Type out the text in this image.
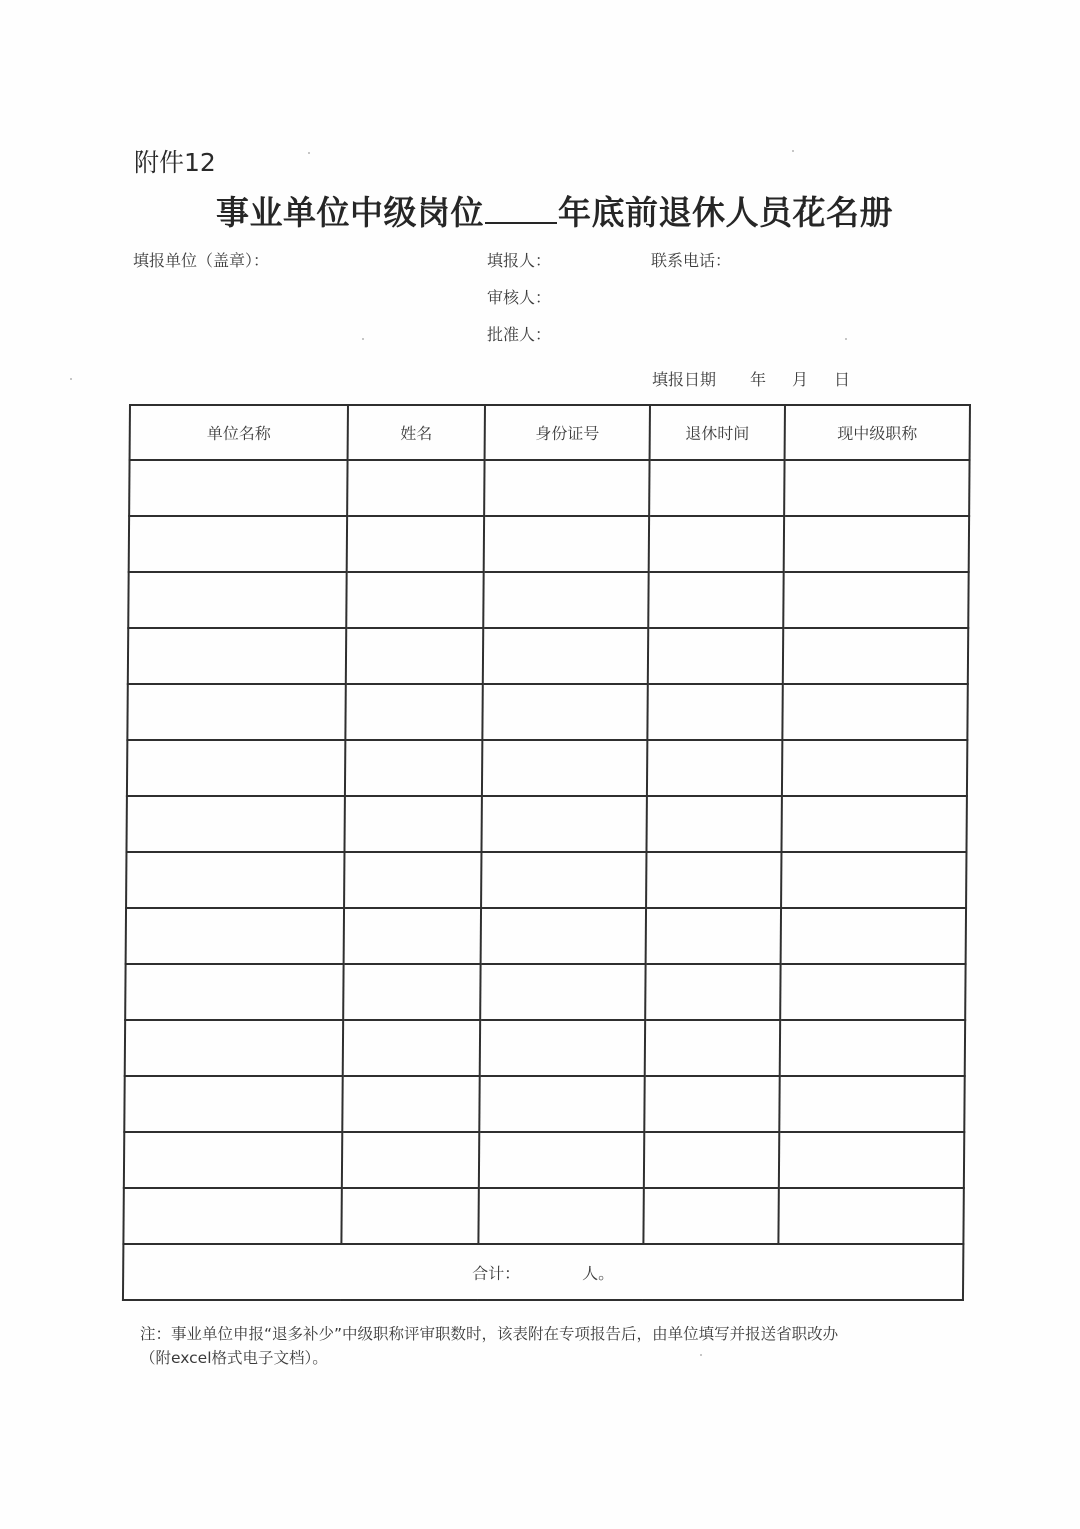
附件12
事业单位中级岗位 年底前退休人员花名册
填报单位（盖章）：	填报人：	联系电话：
审核人：
批准人：
填报日期 年 月 日
单位名称	姓名	身份证号	退休时间	现中级职称

合计： 人。				
注：事业单位申报“退多补少”中级职称评审职数时，该表附在专项报告后，由单位填写并报送省职改办
（附excel格式电子文档）。
